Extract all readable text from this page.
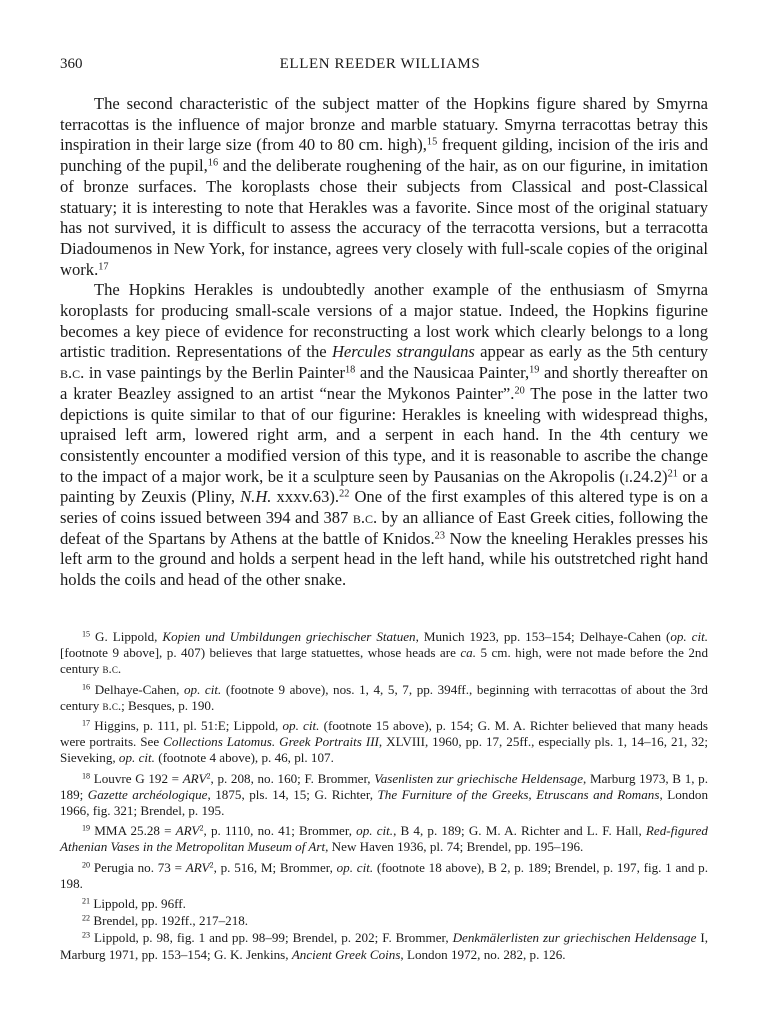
360	ELLEN REEDER WILLIAMS

The second characteristic of the subject matter of the Hopkins figure shared by Smyrna terracottas is the influence of major bronze and marble statuary. Smyrna terracottas betray this inspiration in their large size (from 40 to 80 cm. high),$^{15}$ frequent gilding, incision of the iris and punching of the pupil,$^{16}$ and the deliberate roughening of the hair, as on our figurine, in imitation of bronze surfaces. The koroplasts chose their subjects from Classical and post-Classical statuary; it is interesting to note that Herakles was a favorite. Since most of the original statuary has not survived, it is difficult to assess the accuracy of the terracotta versions, but a terracotta Diadoumenos in New York, for instance, agrees very closely with full-scale copies of the original work.$^{17}$

The Hopkins Herakles is undoubtedly another example of the enthusiasm of Smyrna koroplasts for producing small-scale versions of a major statue. Indeed, the Hopkins figurine becomes a key piece of evidence for reconstructing a lost work which clearly belongs to a long artistic tradition. Representations of the Hercules strangulans appear as early as the 5th century b.c. in vase paintings by the Berlin Painter$^{18}$ and the Nausicaa Painter,$^{19}$ and shortly thereafter on a krater Beazley assigned to an artist “near the Mykonos Painter”.$^{20}$ The pose in the latter two depictions is quite similar to that of our figurine: Herakles is kneeling with widespread thighs, upraised left arm, lowered right arm, and a serpent in each hand. In the 4th century we consistently encounter a modified version of this type, and it is reasonable to ascribe the change to the impact of a major work, be it a sculpture seen by Pausanias on the Akropolis $(i.24.2)^{21}$ or a painting by Zeuxis (Pliny, N.H. xxxv.63).$^{22}$ One of the first examples of this altered type is on a series of coins issued between 394 and 387 b.c. by an alliance of East Greek cities, following the defeat of the Spartans by Athens at the battle of Knidos.$^{23}$ Now the kneeling Herakles presses his left arm to the ground and holds a serpent head in the left hand, while his outstretched right hand holds the coils and head of the other snake.

$^{15}$ G. Lippold, Kopien und Umbildungen griechischer Statuen, Munich 1923, pp. 153–154; Delhaye-Cahen (op. cit. [footnote 9 above], p. 407) believes that large statuettes, whose heads are ca. 5 cm. high, were not made before the 2nd century b.c.

$^{16}$ Delhaye-Cahen, op. cit. (footnote 9 above), nos. 1, 4, 5, 7, pp. 394ff., beginning with terracottas of about the 3rd century b.c.; Besques, p. 190.

$^{17}$ Higgins, p. 111, pl. 51:E; Lippold, op. cit. (footnote 15 above), p. 154; G. M. A. Richter believed that many heads were portraits. See Collections Latomus. Greek Portraits III, XLVIII, 1960, pp. 17, 25ff., especially pls. 1, 14–16, 21, 32; Sieveking, op. cit. (footnote 4 above), p. 46, pl. 107.

$^{18}$ Louvre G $192 = ARV^2$, p. 208, no. 160; F. Brommer, Vasenlisten zur griechische Heldensage, Marburg 1973, B 1, p. 189; Gazette archéologique, 1875, pls. 14, 15; G. Richter, The Furniture of the Greeks, Etruscans and Romans, London 1966, fig. 321; Brendel, p. 195.

$^{19}$ MMA $25.28 = ARV^2$, p. 1110, no. 41; Brommer, op. cit., B 4, p. 189; G. M. A. Richter and L. F. Hall, Red-figured Athenian Vases in the Metropolitan Museum of Art, New Haven 1936, pl. 74; Brendel, pp. 195–196.

$^{20}$ Perugia no. $73 = ARV^2$, p. 516, M; Brommer, op. cit. (footnote 18 above), B 2, p. 189; Brendel, p. 197, fig. 1 and p. 198.

$^{21}$ Lippold, pp. 96ff.

$^{22}$ Brendel, pp. 192ff., 217–218.

$^{23}$ Lippold, p. 98, fig. 1 and pp. 98–99; Brendel, p. 202; F. Brommer, Denkmälerlisten zur griechischen Heldensage I, Marburg 1971, pp. 153–154; G. K. Jenkins, Ancient Greek Coins, London 1972, no. 282, p. 126.
